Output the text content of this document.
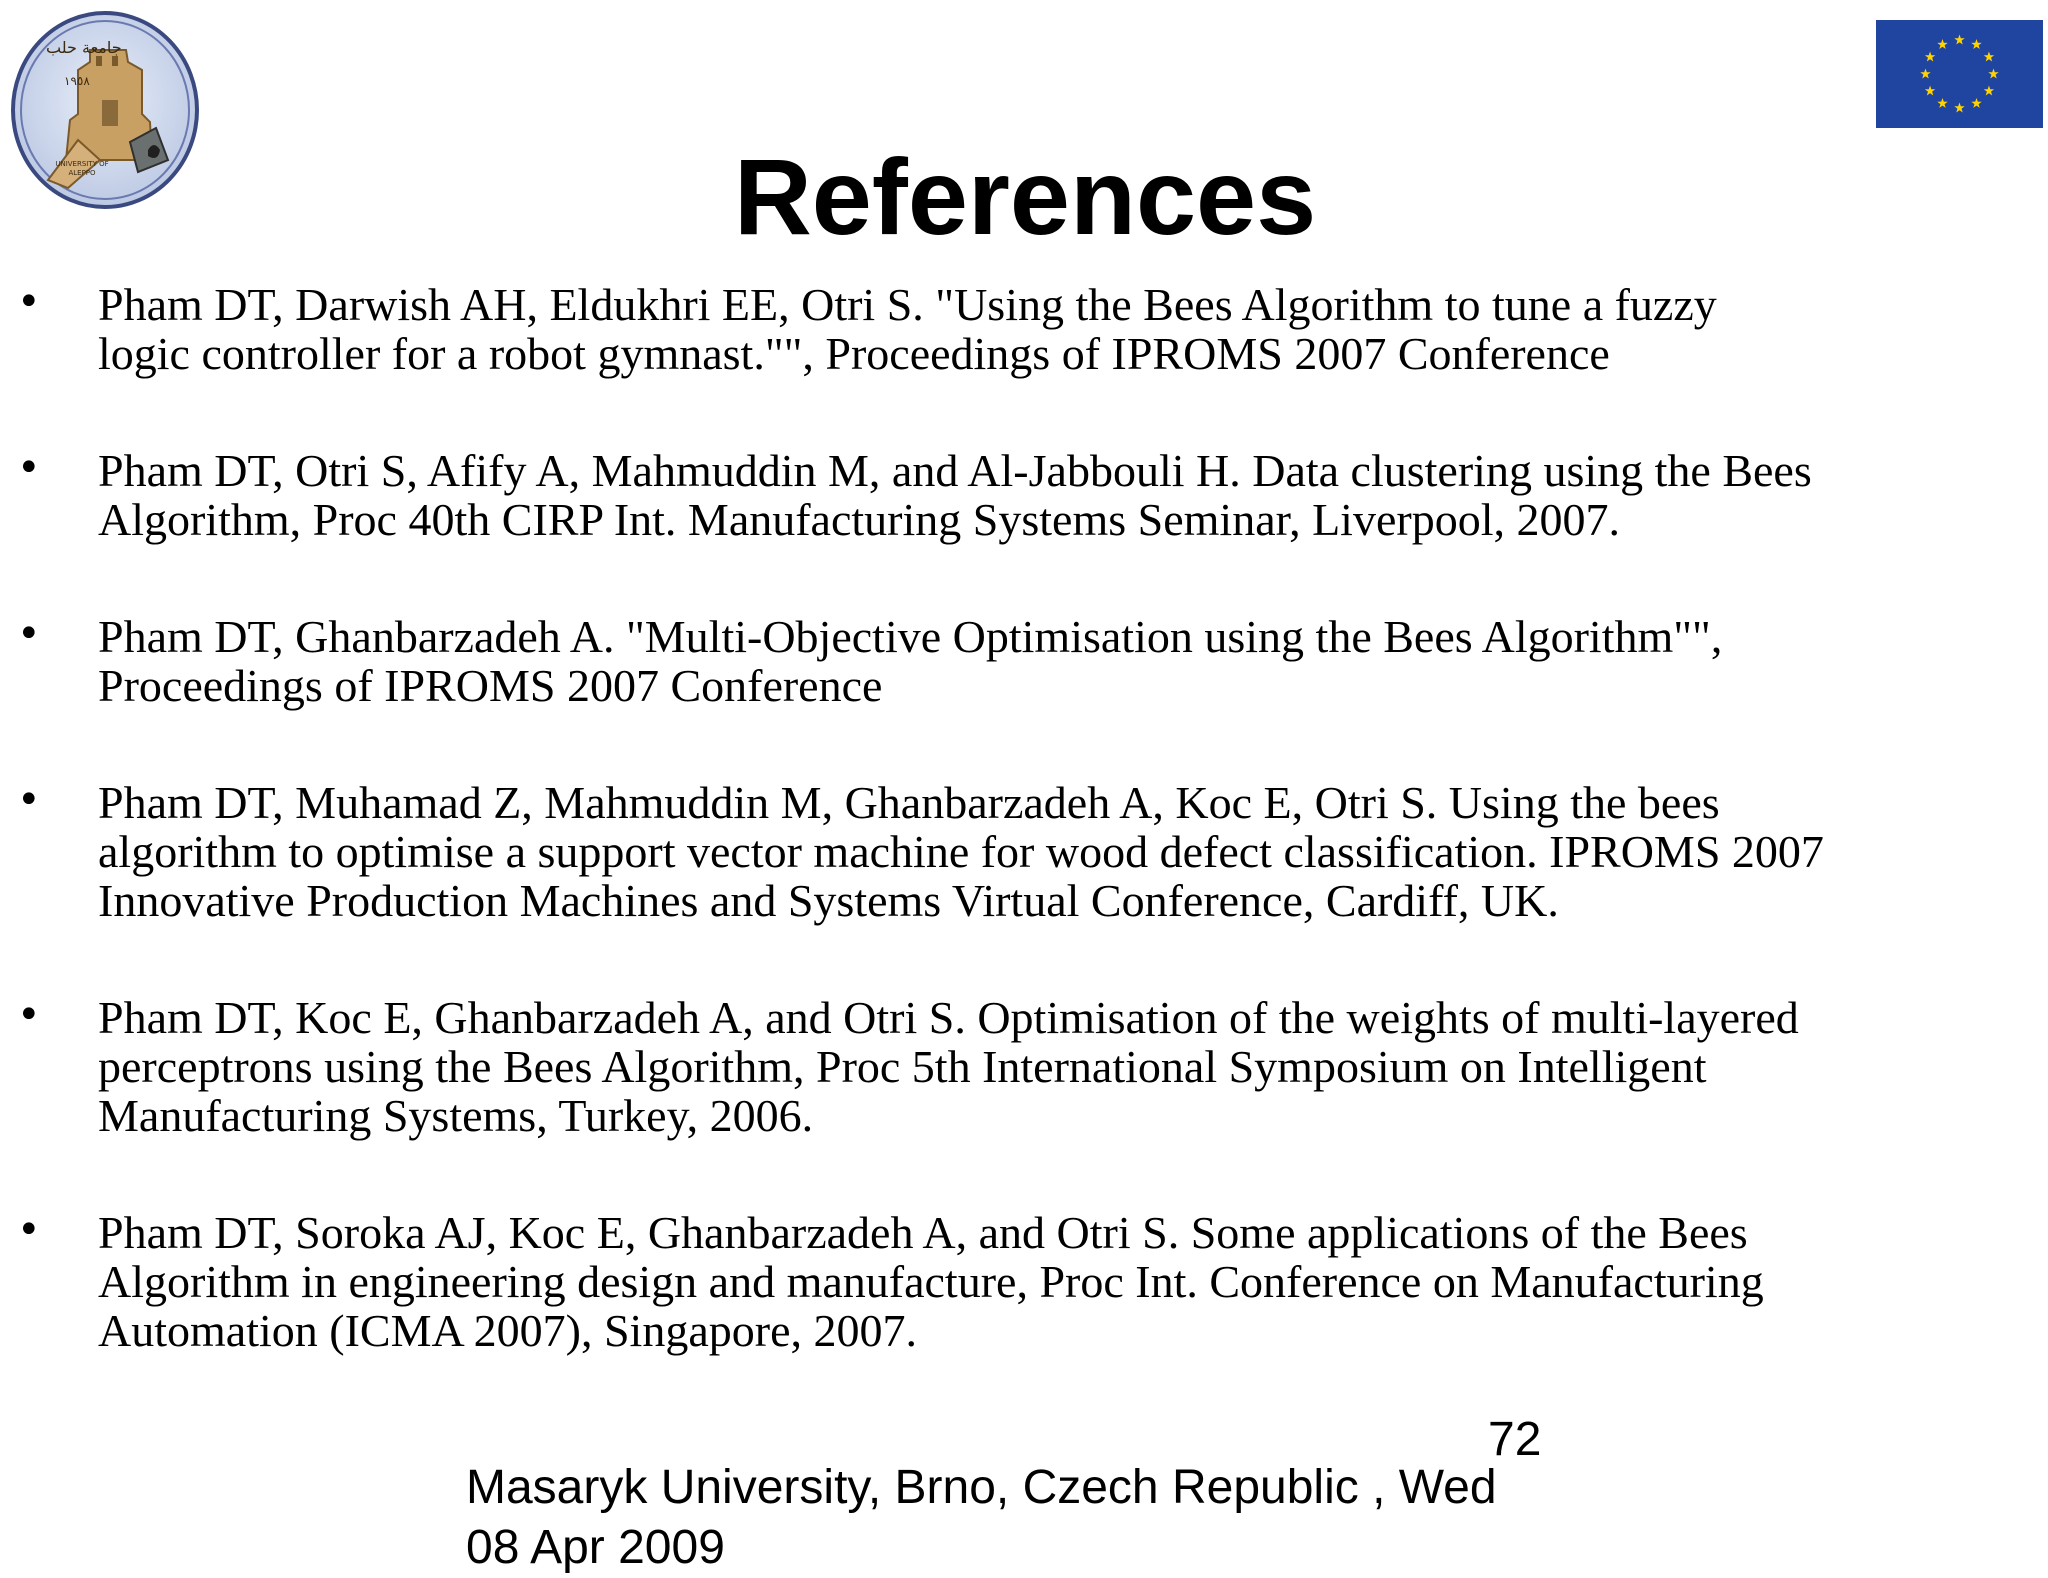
جامعة حلب
١٩٥٨
UNIVERSITY OF ALEPPO	References
• Pham DT, Darwish AH, Eldukhri EE, Otri S. "Using the Bees Algorithm to tune a fuzzy
logic controller for a robot gymnast."", Proceedings of IPROMS 2007 Conference
• Pham DT, Otri S, Afify A, Mahmuddin M, and Al-Jabbouli H. Data clustering using the Bees
Algorithm, Proc 40th CIRP Int. Manufacturing Systems Seminar, Liverpool, 2007.
• Pham DT, Ghanbarzadeh A. "Multi-Objective Optimisation using the Bees Algorithm"",
Proceedings of IPROMS 2007 Conference
• Pham DT, Muhamad Z, Mahmuddin M, Ghanbarzadeh A, Koc E, Otri S. Using the bees
algorithm to optimise a support vector machine for wood defect classification. IPROMS 2007
Innovative Production Machines and Systems Virtual Conference, Cardiff, UK.
• Pham DT, Koc E, Ghanbarzadeh A, and Otri S. Optimisation of the weights of multi-layered
perceptrons using the Bees Algorithm, Proc 5th International Symposium on Intelligent
Manufacturing Systems, Turkey, 2006.
• Pham DT, Soroka AJ, Koc E, Ghanbarzadeh A, and Otri S. Some applications of the Bees
Algorithm in engineering design and manufacture, Proc Int. Conference on Manufacturing
Automation (ICMA 2007), Singapore, 2007.
72
Masaryk University, Brno, Czech Republic , Wed
08 Apr 2009
